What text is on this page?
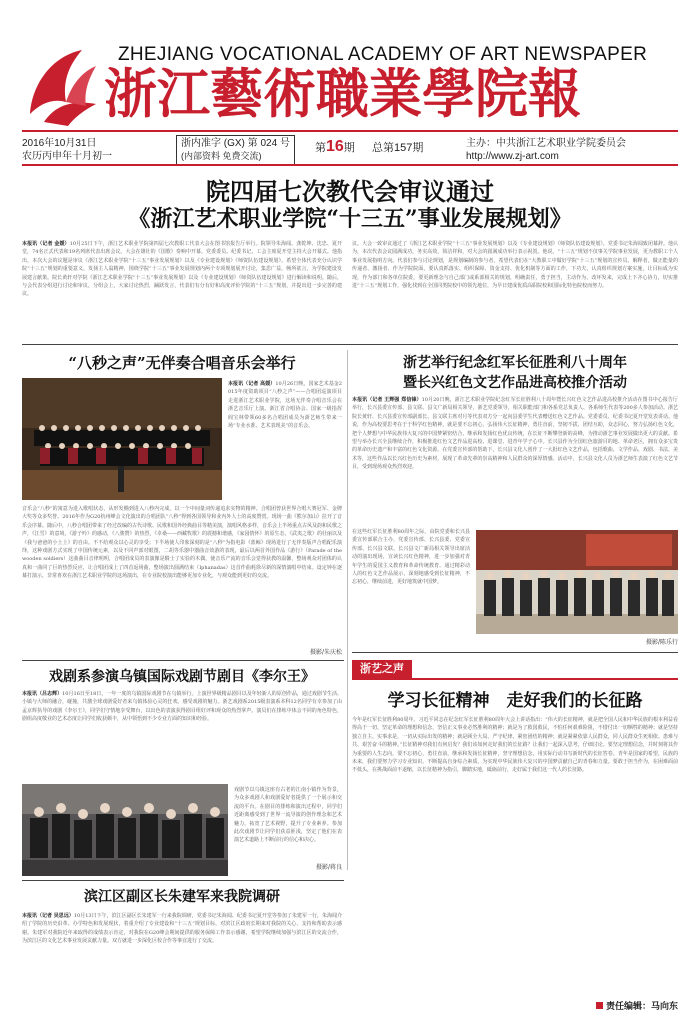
ZHEJIANG VOCATIONAL ACADEMY OF ART NEWSPAPER
浙江藝術職業學院報
2016年10月31日
农历丙申年十月初一
浙内准字 (GX) 第 024 号
(内部资料 免费交流)
第16期 总第157期	主办：中共浙江艺术职业学院委员会
http://www.zj-art.com
院四届七次教代会审议通过
《浙江艺术职业学院“十三五”事业发展规划》
本报讯（记者 金媛）10月25日下午，浙江艺术职业学院第四届七次教职工代表大会在图书馆报告厅举行。院领导朱海闻、龚乾坤、沈忠、夏开堂，74名正式代表和19名列席代表出席会议。大会在雄壮的《国歌》奏响中开幕。党委委员、纪委书记、工会主席夏开堂主持大会开幕式。他指出，本次大会的议题是审议《浙江艺术职业学院“十三五”事业发展规划》以及《专业建设规划》《师资队伍建设规划》。希望全体代表充分认识学院“十三五”规划的重要意义，发扬主人翁精神，围绕学院“十三五”事业发展规划内两个专项规划展开讨论，集思广益，畅所欲言，为学院建设发展建言献策。院长黄轩对学院《浙江艺术职业学院“十三五”事业发展规划》以及《专业建设规划》《师资队伍建设规划》进行解读和说明。随后，与会代表分组进行讨论和审议，分组会上，大家讨论热烈，踊跃发言，代表们有分有好和高度评价学院的“十三五”规划，并提出进一步完善的建议。
议。大会一致审议通过了《浙江艺术职业学院“十三五”事业发展规划》以及《专业建设规划》《师资队伍建设规划》。党委书记朱海闻致闭幕辞。他认为，本次代表会议圆满成功，务实高效，简洁祥和，对大会的圆满成功举行表示祝贺。他说，“十三五”规划不仅事关学院事业发展，更为教职工个人事业发展指明方向。代表们参与讨论规划，是规划编制的参与者，希望代表们在“大教职工中做好学院“十三五”规划的宣传员、解释者，做正能量的传递者、激扬者、作为学院院面，要认真抓落实、组织保障、资金支持、优化机制等方面的工作，下功夫，认真组织规划方案实施，让目标成为实现，作为部门和各单位院委，要更新理念与自己部门或系部相关的规划，明确责任，勇于担当，主动作为，改坏发来，完成上下齐心协力，切实推进“十三五”规划工作，强化找到在全国同类院校中的领先地位，为早日建成优质高职院校和国际化特色院校而努力。
“八秒之声”无伴奏合唱音乐会举行
本报讯（记者 高媛）10月26日晚，国家艺术基金2015年度资助项目“八秒之声”——合唱团巡演项目走进浙江艺术职业学院，这场无伴奏合唱音乐会在浙艺音乐厅上演。浙江省合唱协会、国家一级指挥阎宝林带领60多名合唱团成员为浙艺师生带来一场“专业水准、艺术表现美”的音乐会。
音乐会“八秒”的寓意为进入歌唱状态，从形发椭到进入八秒内完成，以一个中间量词传递追求实物的精神。合唱团曾获世界合唱大赛冠军、金牌大奖等众多奖誉。2016年作为G20杭州峰会文化演出的合唱团队“八秒”得到各国领导和业内外人士的高度赞赏。现场一曲《熊尔加山》拉开了音乐会序幕。随后中，八秒合唱团带来了经过改编的古代诗歌、民歌和国外经典曲目等精美演，演唱风格多样，音乐会上半场重点古风及韵和民歌之声，《江雪》的意境，《游子吟》的感动，《八骏赞》的热烈，《卓桑——西藏牧歌》的震撼和谐感，《家园情怀》的原生态，《武夷之歌》的壮丽以及《我与爸爸的小土上》的自由。不不给观众以心灵的享受；下半场使人印象深刻的是“八秒”为指电影《蓝鲸》现场进行了无伴奏版声合唱配乐演绎，这种戏剧方式实现了中国传统元素，以及不同声部对眼图，二胡等乐器中器曲音效游的表现，最后以两首外国作品《游行》（Parade of the wooden soldiers）这曲曲目音律明明，合唱团成员的表演像是騎士了实验的木偶，使音乐产流的音乐会觉得获教的温馨，整场观众对团体的认真和一曲同了巨的热烈反应，让合唱团成上了四首返场曲，整场演出圆满结束（Iphanadas）这首作曲耗徐尽新的深情演唱中结束。设定钟在逐幕打演示，非常喜欢在浙江艺术职业学院的这场演出，在专业院校演出能够更加专业化，与观众能到更好的交流。
摄影/朱庆松
戏剧系参演乌镇国际戏剧节剧目《李尔王》
本报讯（吕志辉）10月16日至18日，一年一度的乌镇国际戏剧节在乌镇举行。上演世界级精品剧目以及年轻新人的原创作品，通过戏剧节生活、小镇与大师的融合，碰撞，共激全球戏剧爱好者来乌镇体验心灵的狂欢。感受戏剧的魅力。浙艺戏剧系2015级表演系本科12名同学有幸参加了由孟京辉执导的戏剧《李尔王》，同学们守情地享受舞台，以出色的表演获得剧目组好评和观众的热烈掌声。演员们在排练中体会不同的角色特色，剧组高度敬业的艺术态度让同学们收获颇丰，从中领悟到不少专业方面的知识和经验。
戏剧节以乌镇这座有古老的江南小镇作为背景，为众多戏剧人和戏剧爱好者提供了一个展示和交流的平台。在剧目的排练和演出过程中，同学们近距离感受到了世界一流导演的创作理念和艺术魅力，拓宽了艺术视野，提升了专业素养。参加此次戏剧节让同学们获益匪浅，坚定了他们在表演艺术道路上不断前行的信心和决心。
摄影/蒋良
滨江区副区长朱建军来我院调研
本报讯（记者 吴思远）10月13日下午，滨江区副区长朱建军一行来我院调研，党委书记朱海闻、纪委书记夏开堂等参加了朱建军一行，朱海闻介绍了学院的历史沿革、办学特色和发展现状，着重介绍了专业建设和“十三五”规划目标，对滨江区政府长期来对我院的关心、支持和帮助表示感谢。朱建军对我院近年来取得的成绩表示肯定，对我院在G20峰会期间提供的服务保障工作表示感谢，希望学院继续加强与滨江区的交流合作，为滨江区的文化艺术事业发展贡献力量。双方就进一步深化区校合作等事宜进行了交流。
浙艺举行纪念红军长征胜利八十周年
暨长兴红色文艺作品进高校推介活动
本报讯（记者 王辉强 郑信锋）10月20日晚，浙江艺术职业学院纪念红军长征胜利八十周年暨长兴红色文艺作品进高校推介活动在图书中心报告厅举行，长兴县委宣传部、县文联、县文广新局相关领导，浙艺党委领导，相关职能部门和各系党总负责人、各系师生代表等200多人参加活动。浙艺院长黄轩、长兴县委宣传部副部长、县文联主席对月等代表双方分一起向县委学生代表赠送红色文艺作品。党委委员、纪委书记夏开堂发表讲话。他说，作为高校要思考在于于科学红色精神，就是要不忘初心，弘扬伟大长征精神，勇往直前，坚韧不拔，团结互助，众志同心，努力弘扬红色文化，把个人梦想与中华民族伟大复兴的中国梦紧密结合，继承和发扬红色优良传统，在长征不断攀登新的高峰，为推动浙艺事业发展做出更大的贡献。希望与举办长兴全县继续合作，积极推进红色文艺作品进高校、进课堂、进青年学子心中。长兴县作为全国红色旅游目的地、革命老区，拥有众多宝贵的革命历史遗产和丰富的红色文化资源。在党委宣传部的帮助下，长兴县文化人创作了一大批红色文艺作品，包括歌曲、文学作品、戏剧、书法、美术等，这些作品以长兴红色历史为素材，展现了革命先辈的崇高精神和人民群众的深厚情感。活动中，长兴县文化人员为浙艺师生表演了红色文艺节目，受到现场观众热烈欢迎。
在这些红军长征胜利80周年之际，由院党委和长兴县委宣传部联合主办，党委宣传部、长兴县委、党委宣传部、长兴县文联、长兴县文广新局相关领导出席活动的演出现场，宣读长兴红色精神，进一步加强对青年学生的爱国主义教育和革命传统教育。通过精彩动人的红色文艺作品展示，深刻地感受到长征精神，不忘初心，继续前进，更好地筑就中国梦。
摄影/陈乐行
浙艺之声
学习长征精神　走好我们的长征路
今年是红军长征胜利80周年。习近平同志在纪念红军长征胜利80周年大会上讲话指出：“伟大的长征精神，就是把全国人民和中华民族的根本利益看得高于一切，坚定革命的理想和信念，坚信正义事业必然胜利的精神；就是为了救国救民，不怕任何艰难险阻，不惜付出一切牺牲的精神；就是坚持独立自主、实事求是，一切从实际出发的精神；就是顾全大局、严守纪律、紧密团结的精神；就是紧紧依靠人民群众，同人民群众生死相依、患难与共、艰苦奋斗的精神。”长征精神对我们有何启发？我们该如何走好我们的长征路？让我们一起深入思考，仔细讨论。要坚定理想信念，并时刻将其作为重要的人生志向，要不忘初心，勇往直前，继承和发扬长征精神，坚守理想信念，用实际行动书写新时代的长征答卷。青年是国家的希望，民族的未来，我们要努力学习专业知识，不断提高自身综合素质，为实现中华民族伟大复兴的中国梦贡献自己的青春和力量。要敢于担当作为，在困难面前不低头，在挑战面前不退缩，以长征精神为指引，脚踏实地，砥砺前行，走好属于我们这一代人的长征路。
责任编辑：马向东
